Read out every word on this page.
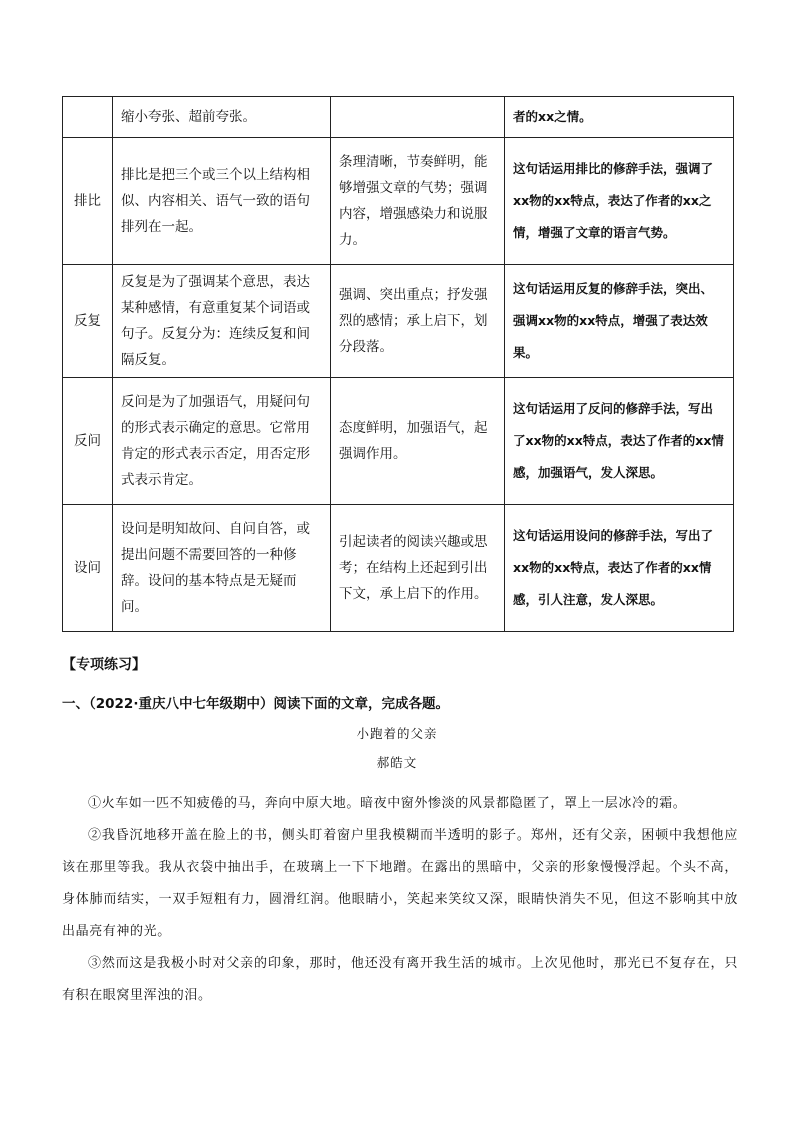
	缩小夸张、超前夸张。		者的xx之情。
排比	排比是把三个或三个以上结构相似、内容相关、语气一致的语句排列在一起。	条理清晰，节奏鲜明，能够增强文章的气势；强调内容，增强感染力和说服力。	这句话运用排比的修辞手法，强调了xx物的xx特点，表达了作者的xx之情，增强了文章的语言气势。
反复	反复是为了强调某个意思，表达某种感情，有意重复某个词语或句子。反复分为：连续反复和间隔反复。	强调、突出重点；抒发强烈的感情；承上启下，划分段落。	这句话运用反复的修辞手法，突出、强调xx物的xx特点，增强了表达效果。
反问	反问是为了加强语气，用疑问句的形式表示确定的意思。它常用肯定的形式表示否定，用否定形式表示肯定。	态度鲜明，加强语气，起强调作用。	这句话运用了反问的修辞手法，写出了xx物的xx特点，表达了作者的xx情感，加强语气，发人深思。
设问	设问是明知故问、自问自答，或提出问题不需要回答的一种修辞。设问的基本特点是无疑而问。	引起读者的阅读兴趣或思考；在结构上还起到引出下文，承上启下的作用。	这句话运用设问的修辞手法，写出了xx物的xx特点，表达了作者的xx情感，引人注意，发人深思。
【专项练习】
一、（2022·重庆八中七年级期中）阅读下面的文章，完成各题。
小跑着的父亲
郝皓文

①火车如一匹不知疲倦的马，奔向中原大地。暗夜中窗外惨淡的风景都隐匿了，罩上一层冰冷的霜。

②我昏沉地移开盖在脸上的书，侧头盯着窗户里我模糊而半透明的影子。郑州，还有父亲，困顿中我想他应该在那里等我。我从衣袋中抽出手，在玻璃上一下下地蹭。在露出的黑暗中，父亲的形象慢慢浮起。个头不高，身体肺而结实，一双手短粗有力，圆滑红润。他眼睛小，笑起来笑纹又深，眼睛快消失不见，但这不影响其中放出晶亮有神的光。

③然而这是我极小时对父亲的印象，那时，他还没有离开我生活的城市。上次见他时，那光已不复存在，只有积在眼窝里浑浊的泪。
